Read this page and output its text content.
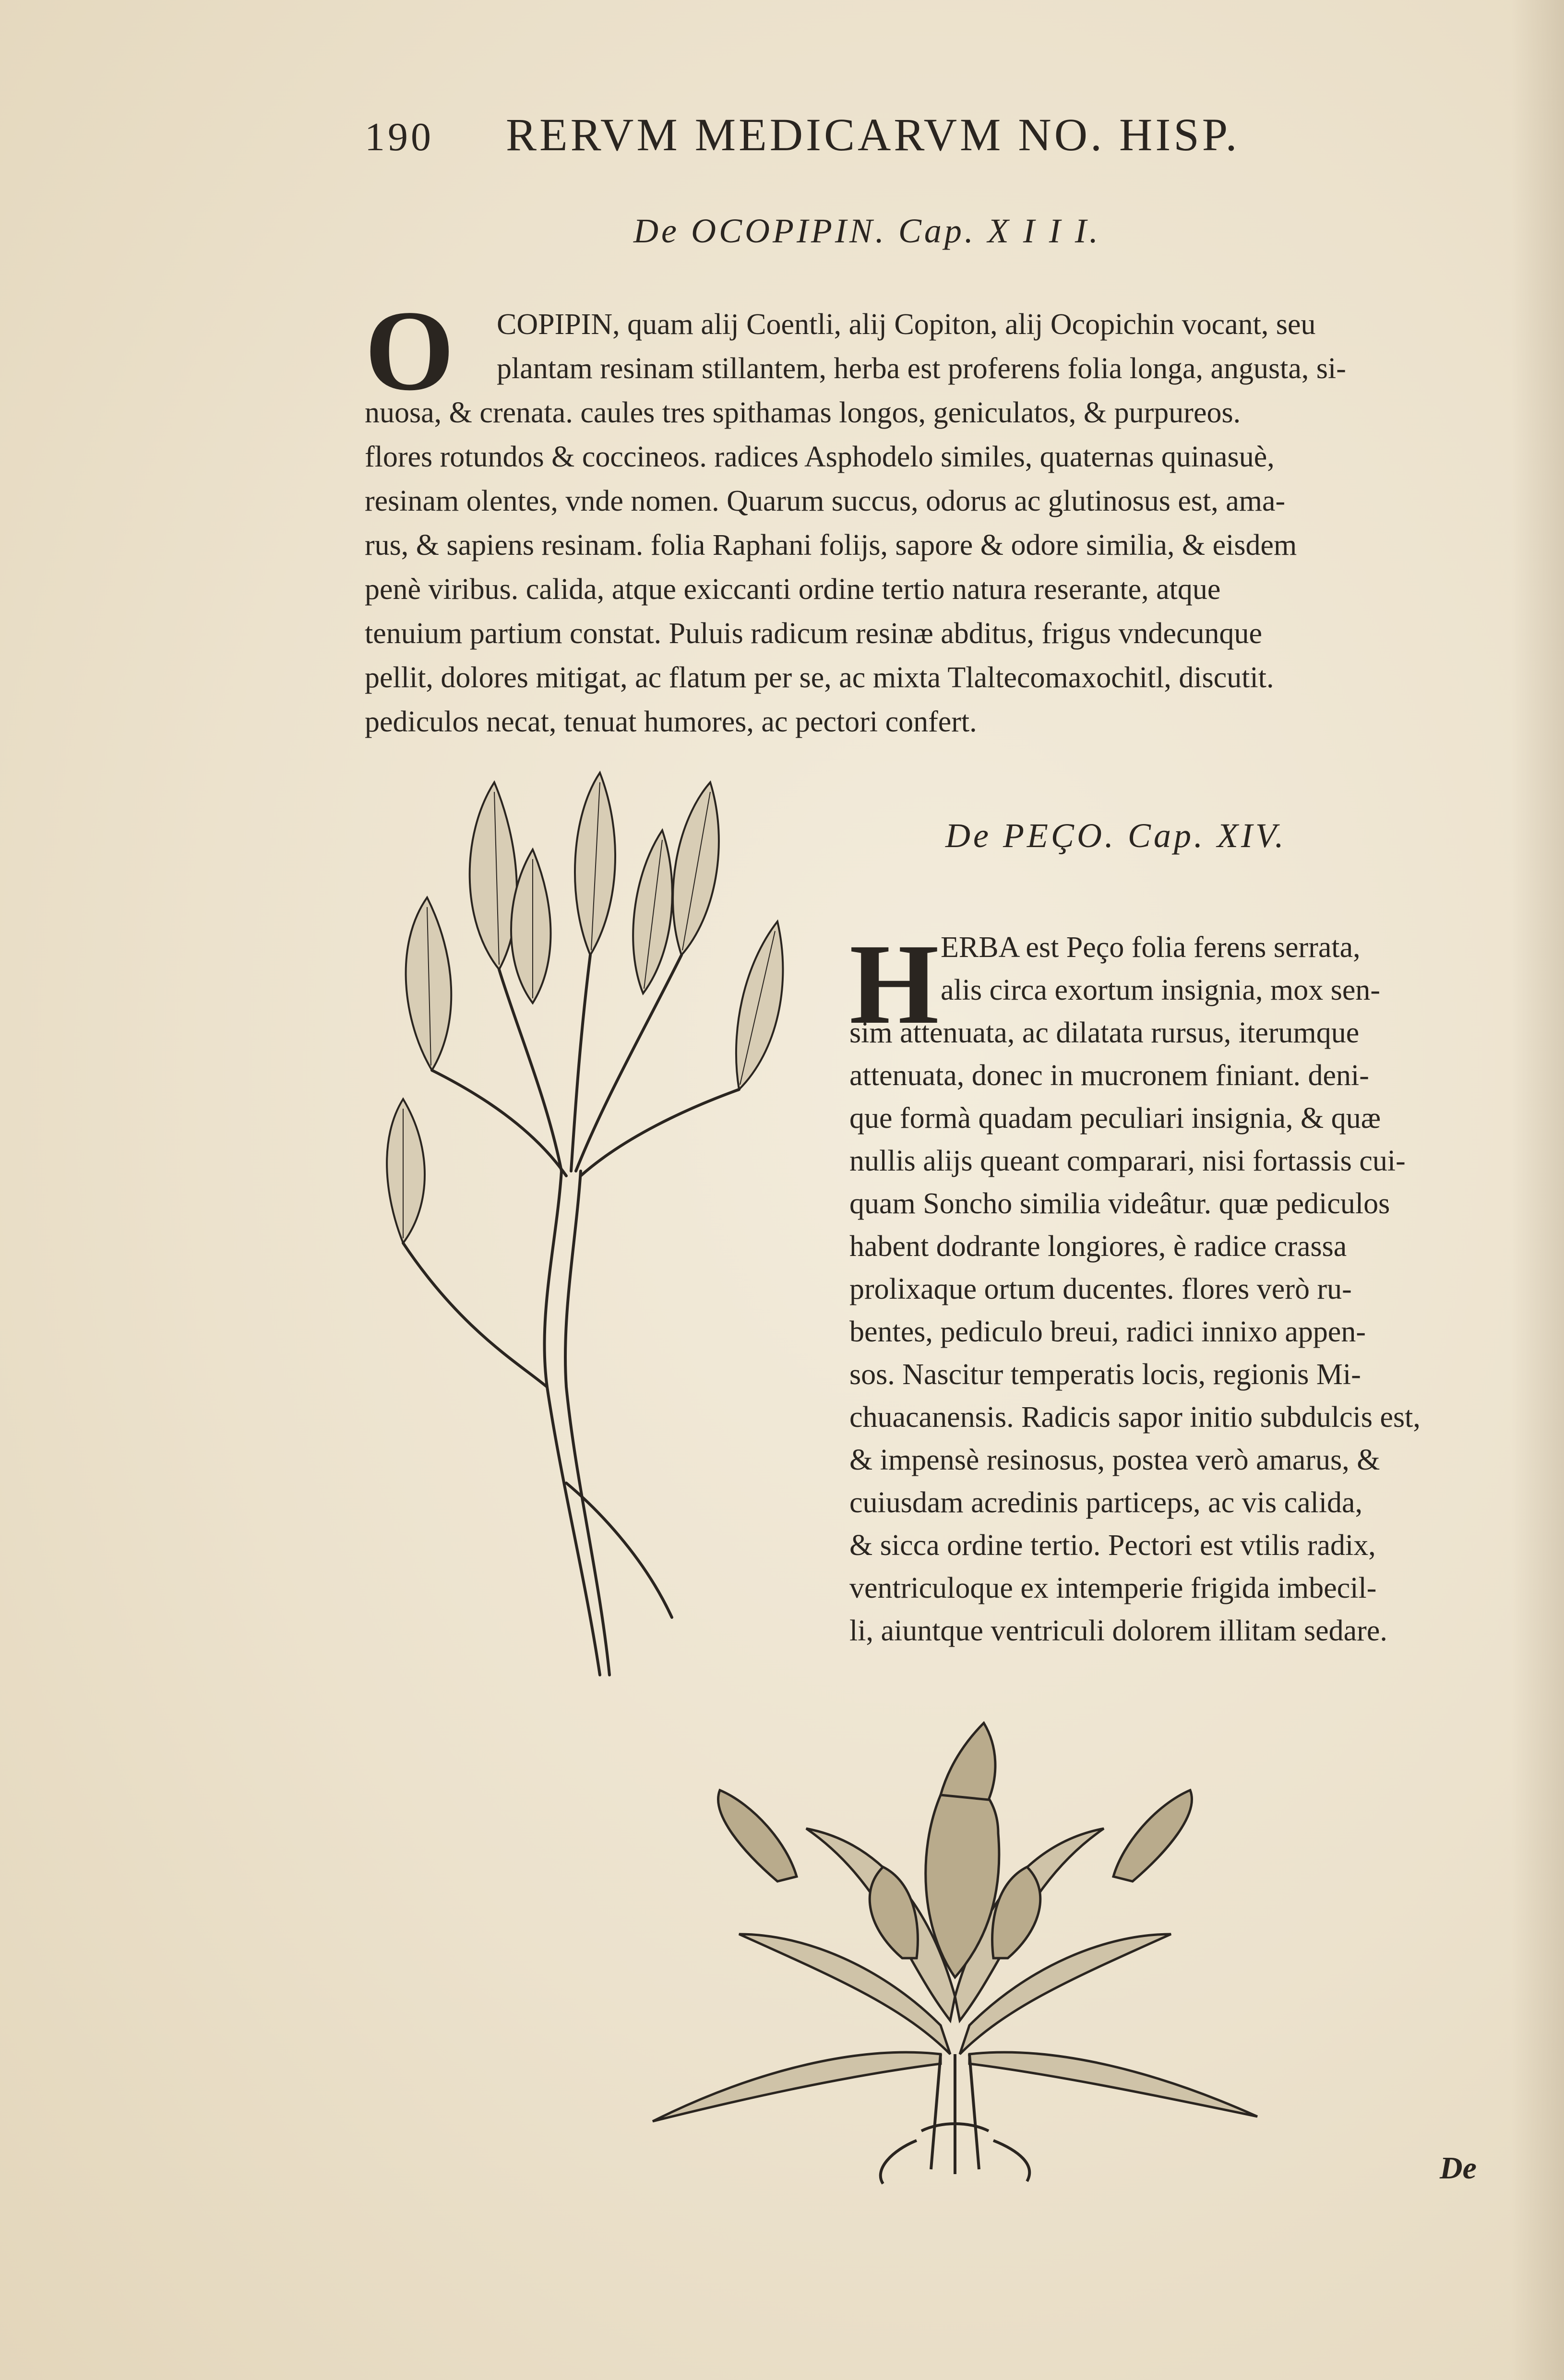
190 RERVM MEDICARVM NO. HISP.
De OCOPIPIN. Cap. X I I I.
O	COPIPIN, quam alij Coentli, alij Copiton, alij Ocopichin vocant, seu
plantam resinam stillantem, herba est proferens folia longa, angusta, si-
nuosa, & crenata. caules tres spithamas longos, geniculatos, & purpureos.
flores rotundos & coccineos. radices Asphodelo similes, quaternas quinasuè,
resinam olentes, vnde nomen. Quarum succus, odorus ac glutinosus est, ama-
rus, & sapiens resinam. folia Raphani folijs, sapore & odore similia, & eisdem
penè viribus. calida, atque exiccanti ordine tertio natura reserante, atque
tenuium partium constat. Puluis radicum resinæ abditus, frigus vndecunque
pellit, dolores mitigat, ac flatum per se, ac mixta Tlaltecomaxochitl, discutit.
pediculos necat, tenuat humores, ac pectori confert.
De PEÇO. Cap. XIV.
H ERBA est Peço folia ferens serrata,
alis circa exortum insignia, mox sen-
sim attenuata, ac dilatata rursus, iterumque
attenuata, donec in mucronem finiant. deni-
que formà quadam peculiari insignia, & quæ
nullis alijs queant comparari, nisi fortassis cui-
quam Soncho similia videâtur. quæ pediculos
habent dodrante longiores, è radice crassa
prolixaque ortum ducentes. flores verò ru-
bentes, pediculo breui, radici innixo appen-
sos. Nascitur temperatis locis, regionis Mi-
chuacanensis. Radicis sapor initio subdulcis est,
& impensè resinosus, postea verò amarus, &
cuiusdam acredinis particeps, ac vis calida,
& sicca ordine tertio. Pectori est vtilis radix,
ventriculoque ex intemperie frigida imbecil-
li, aiuntque ventriculi dolorem illitam sedare.
De
